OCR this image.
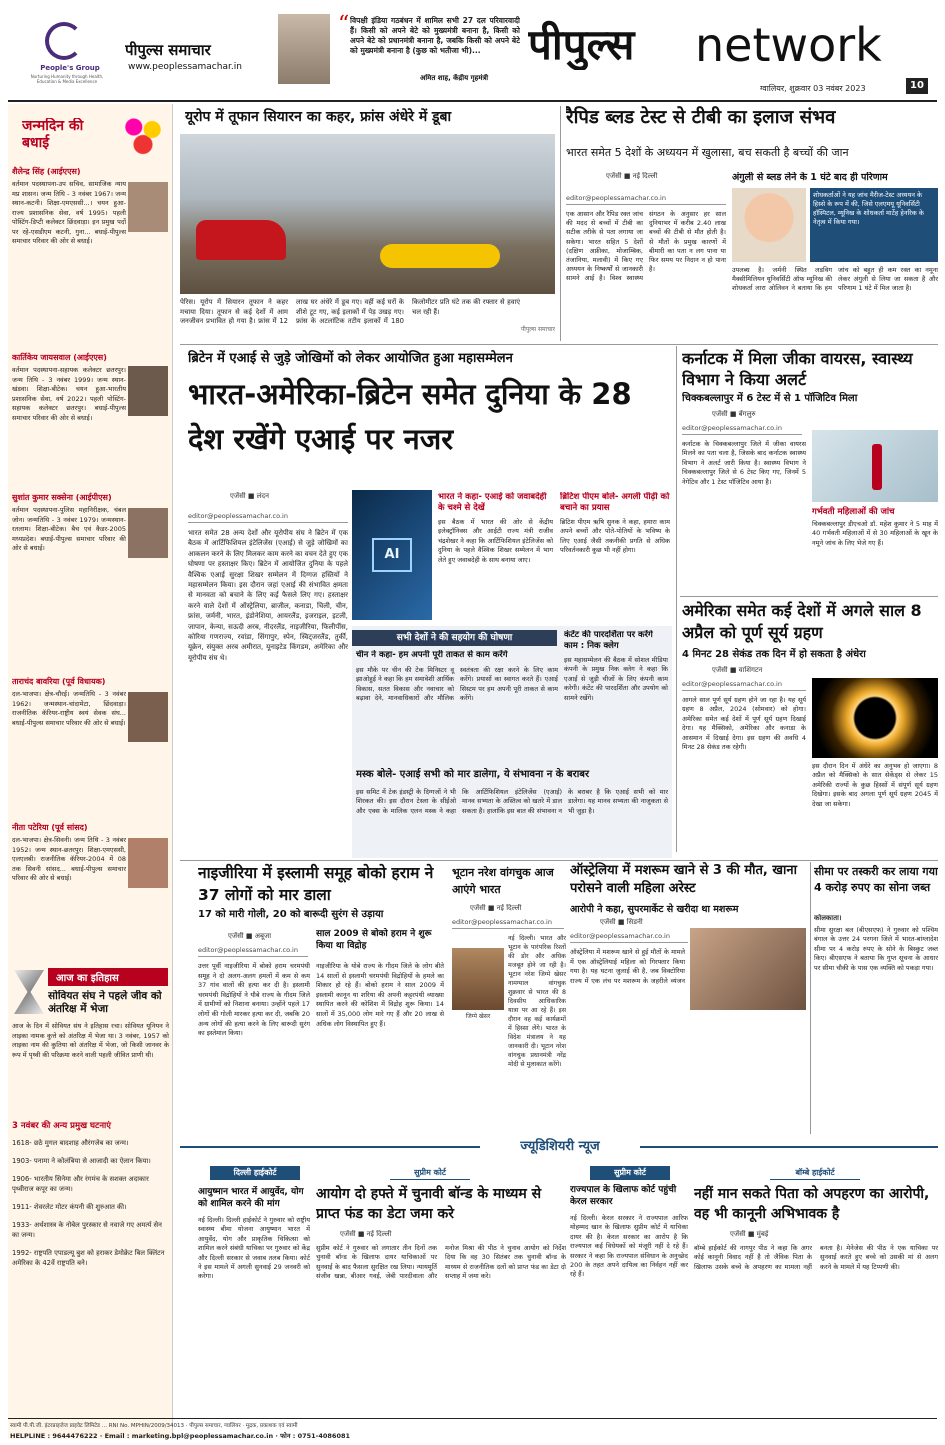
People's Group
Nurturing Humanity through Health, Education & Media Excellence
पीपुल्स समाचार
www.peoplessamachar.in
“ विपक्षी इंडिया गठबंधन में शामिल सभी 27 दल परिवारवादी हैं। किसी को अपने बेटे को मुख्यमंत्री बनाना है, किसी को अपने बेटे को प्रधानमंत्री बनाना है, जबकि किसी को अपने बेटे को मुख्यमंत्री बनाना है (कुछ को भतीजा भी)...
अमित शाह, केंद्रीय गृहमंत्री
पीपुल्स	network
ग्वालियर, शुक्रवार 03 नवंबर 2023	10
जन्मदिन की बधाई
शैलेन्द्र सिंह (आईएएस)
वर्तमान पदस्थापना-उप सचिव, सामाजिक न्याय मप्र शासन। जन्म तिथि - 3 नवंबर 1967। जन्म स्थान-कटनी। शिक्षा-एमएससी...। चयन हुआ-राज्य प्रशासनिक सेवा, वर्ष 1995। पहली पोस्टिंग-डिप्टी कलेक्टर छिंदवाड़ा। इन प्रमुख पदों पर रहे-एसडीएम कटनी, गुना... बधाई-पीपुल्स समाचार परिवार की ओर से बधाई।
कार्तिकेय जायसवाल (आईएएस)
वर्तमान पदस्थापना-सहायक कलेक्टर छतरपुर। जन्म तिथि - 3 नवंबर 1999। जन्म स्थान-खंडवा। शिक्षा-बीटेक। चयन हुआ-भारतीय प्रशासनिक सेवा, वर्ष 2022। पहली पोस्टिंग-सहायक कलेक्टर छतरपुर। बधाई-पीपुल्स समाचार परिवार की ओर से बधाई।
सुशांत कुमार सक्सेना (आईपीएस)
वर्तमान पदस्थापना-पुलिस महानिरीक्षक, चंबल जोन। जन्मतिथि - 3 नवंबर 1979। जन्मस्थान-रतलाम। शिक्षा-बीटेक। बैच एवं कैडर-2005 मध्यप्रदेश। बधाई-पीपुल्स समाचार परिवार की ओर से बधाई।
ताराचंद बावरिया (पूर्व विधायक)
दल-भाजपा। क्षेत्र-चौरई। जन्मतिथि - 3 नवंबर 1962। जन्मस्थान-चांदामेटा, छिंदवाड़ा। राजनीतिक कॅरियर-राष्ट्रीय स्वयं सेवक संघ... बधाई-पीपुल्स समाचार परिवार की ओर से बधाई।
नीता पटेरिया (पूर्व सांसद)
दल-भाजपा। क्षेत्र-सिवनी। जन्म तिथि - 3 नवंबर 1952। जन्म स्थान-छतरपुर। शिक्षा-एमएससी, एलएलबी। राजनीतिक कॅरियर-2004 में 08 तक सिवनी सांसद... बधाई-पीपुल्स समाचार परिवार की ओर से बधाई।
आज का इतिहास
सोवियत संघ ने पहले जीव को अंतरिक्ष में भेजा
आज के दिन में सोवियत संघ ने इतिहास रचा। सोवियत यूनियन ने लाइका नामक कुत्ते को अंतरिक्ष में भेजा था। 3 नवंबर, 1957 को लाइका नाम की कुतिया को अंतरिक्ष में भेजा, जो किसी जानवर के रूप में पृथ्वी की परिक्रमा करने वाली पहली जीवित प्राणी थी।
3 नवंबर की अन्य प्रमुख घटनाएं
1618- छठे मुगल बादशाह औरंगजेब का जन्म।
1903- पनामा ने कोलंबिया से आजादी का ऐलान किया।
1906- भारतीय सिनेमा और रंगमंच के सशक्त अदाकार पृथ्वीराज कपूर का जन्म।
1911- शेवरलेट मोटर कंपनी की शुरुआत की।
1933- अर्थशास्त्र के नोबेल पुरस्कार से नवाजे गए अमर्त्य सेन का जन्म।
1992- राष्ट्रपति एपाडल्यू बुश को हराकर डेमोक्रेट बिल क्लिंटन अमेरिका के 42वें राष्ट्रपति बने।
यूरोप में तूफान सियारन का कहर, फ्रांस अंधेरे में डूबा
पेरिस। यूरोप में सियारन तूफान ने कहर मचाया दिया। तूफान से कई देशों में आम जनजीवन प्रभावित हो गया है। फ्रांस में 12 लाख घर अंधेरे में डूब गए। वहीं कई घरों के शीशे टूट गए, कई इलाकों में पेड़ उखड़ गए। फ्रांस के अटलांटिक तटीय इलाकों में 180 किलोमीटर प्रति घंटे तक की रफ्तार से हवाएं चल रही हैं।
पीपुल्स समाचार
रैपिड ब्लड टेस्ट से टीबी का इलाज संभव
भारत समेत 5 देशों के अध्ययन में खुलासा, बच सकती है बच्चों की जान
एजेंसी ■ नई दिल्ली
editor@peoplessamachar.co.in
एक आसान और रैपिड रक्त जांच की मदद से बच्चों में टीबी का सटीक तरीके से पता लगाया जा सकेगा। भारत सहित 5 देशों (दक्षिण अफ्रीका, मोजाम्बिक, तंजानिया, मलावी) में किए गए अध्ययन के निष्कर्षों से जानकारी सामने आई है। विश्व स्वास्थ्य संगठन के अनुसार हर साल दुनियाभर में करीब 2.40 लाख बच्चों की टीबी से मौत होती है। से मौतों के प्रमुख कारणों में बीमारी का पता न लग पाना या फिर समय पर निदान न हो पाना है।
अंगुली से ब्लड लेने के 1 घंटे बाद ही परिणाम
शोधकर्ताओं ने यह जांच मैरीज-टेस्ट अध्ययन के हिस्से के रूप में की, जिसे एलएमयू यूनिवर्सिटी हॉस्पिटल, म्यूनिख के शोधकर्ता मार्टेह हेनरिक के नेतृत्व में किया गया।
उपलब्ध है। जर्मनी स्थित लडविग मैक्सीमिलियन यूनिवर्सिटी ऑफ म्यूनिख की शोधकर्ता लारा ओलिवन ने बताया कि हम जांच को बहुत ही कम रक्त का नमूना लेकर अंगुली से लिया जा सकता है और परिणाम 1 घंटे में मिल जाता है।
ब्रिटेन में एआई से जुड़े जोखिमों को लेकर आयोजित हुआ महासम्मेलन
भारत-अमेरिका-ब्रिटेन समेत दुनिया के 28 देश रखेंगे एआई पर नजर
एजेंसी ■ लंदन
editor@peoplessamachar.co.in
भारत समेत 28 अन्य देशों और यूरोपीय संघ ने ब्रिटेन में एक बैठक में आर्टिफिशियल इंटेलिजेंस (एआई) से जुड़े जोखिमों का आकलन करने के लिए मिलकर काम करने का वचन देते हुए एक घोषणा पर हस्ताक्षर किए। ब्रिटेन में आयोजित दुनिया के पहले वैश्विक एआई सुरक्षा शिखर सम्मेलन में दिग्गज हस्तियों ने महासम्मेलन किया। इस दौरान जहां एआई की संभावित क्षमता से मानवता को बचाने के लिए कई फैसले लिए गए। हस्ताक्षर करने वाले देशों में ऑस्ट्रेलिया, ब्राजील, कनाडा, चिली, चीन, फ्रांस, जर्मनी, भारत, इंडोनेशिया, आयरलैंड, इजराइल, इटली, जापान, केन्या, सऊदी अरब, नीदरलैंड, नाइजीरिया, फिलीपींस, कोरिया गणराज्य, रवांडा, सिंगापुर, स्पेन, स्विट्जरलैंड, तुर्की, यूक्रेन, संयुक्त अरब अमीरात, यूनाइटेड किंगडम, अमेरिका और यूरोपीय संघ थे।
AI
भारत ने कहा- एआई को जवाबदेही के चश्मे से देखें
इस बैठक में भारत की ओर से केंद्रीय इलेक्ट्रॉनिक्स और आईटी राज्य मंत्री राजीव चंद्रशेखर ने कहा कि आर्टिफिशियल इंटेलिजेंस को दुनिया के पहले वैश्विक शिखर सम्मेलन में भाग लेते हुए जवाबदेही के साथ बनाया जाए।
ब्रिटिश पीएम बोले- अगली पीढ़ी को बचाने का प्रयास
ब्रिटिश पीएम ऋषि सुनक ने कहा, हमारा काम अपने बच्चों और पोते-पोतियों के भविष्य के लिए एआई जैसी तकनीकी प्रगति से अधिक परिवर्तनकारी कुछ भी नहीं होगा।
सभी देशों ने की सहयोग की घोषणा
चीन ने कहा- हम अपनी पूरी ताकत से काम करेंगे
इस मौके पर चीन की टेक मिनिस्टर वू झाओहुई ने कहा कि हम समावेशी आर्थिक विकास, सतत विकास और नवाचार को बढ़ावा देने, मानवाधिकारों और मौलिक स्वतंत्रता की रक्षा करने के लिए काम करेंगे। प्रयासों का स्वागत करते हैं। एआई सिस्टम पर हम अपनी पूरी ताकत से काम करेंगे।
कंटेंट की पारदर्शिता पर करेंगे काम : निक क्लेग
इस महासम्मेलन की बैठक में सोशल मीडिया कंपनी के प्रमुख निक क्लेग ने कहा कि एआई से जुड़ी चीजों के लिए कंपनी काम करेगी। कंटेंट की पारदर्शिता और उपयोग को सामने रखेंगे।
मस्क बोले- एआई सभी को मार डालेगा, ये संभावना न के बराबर
इस समिट में टेक इंडस्ट्री के दिग्गजों ने भी शिरकत की। इस दौरान टेस्ला के सीईओ और एक्स के मालिक एलन मस्क ने कहा कि आर्टिफिशियल इंटेलिजेंस (एआई) मानव सभ्यता के अस्तित्व को खतरे में डाल सकता है। हालांकि इस बात की संभावना न के बराबर है कि एआई सभी को मार डालेगा। यह मानव सभ्यता की नाजुकता से भी जुड़ा है।
कर्नाटक में मिला जीका वायरस, स्वास्थ्य विभाग ने किया अलर्ट
चिक्कबल्लापुर में 6 टेस्ट में से 1 पॉजिटिव मिला
एजेंसी ■ बेंगलुरु
editor@peoplessamachar.co.in
कर्नाटक के चिक्कबल्लापुर जिले में जीका वायरस मिलने का पता चला है, जिसके बाद कर्नाटक स्वास्थ्य विभाग ने अलर्ट जारी किया है। स्वास्थ्य विभाग ने चिक्कबल्लापुर जिले से 6 टेस्ट किए गए, जिनमें 5 नेगेटिव और 1 टेस्ट पॉजिटिव आया है।
गर्भवती महिलाओं की जांच
चिक्कबल्लापुर डीएचओ डॉ. महेश कुमार ने 5 माह में 40 गर्भवती महिलाओं में से 30 महिलाओं के खून के नमूने जांच के लिए भेजे गए हैं।
अमेरिका समेत कई देशों में अगले साल 8 अप्रैल को पूर्ण सूर्य ग्रहण
4 मिनट 28 सेकंड तक दिन में हो सकता है अंधेरा
एजेंसी ■ वाशिंगटन
editor@peoplessamachar.co.in
आगले साल पूर्ण सूर्य ग्रहण होने जा रहा है। यह सूर्य ग्रहण 8 अप्रैल, 2024 (सोमवार) को होगा। अमेरिका समेत कई देशों में पूर्ण सूर्य ग्रहण दिखाई देगा। यह मैक्सिको, अमेरिका और कनाडा के आसमान में दिखाई देगा। इस ग्रहण की अवधि 4 मिनट 28 सेकंड तक रहेगी।
इस दौरान दिन में अंधेरे का अनुभव हो जाएगा। 8 अप्रैल को मैक्सिको के सात सेकेंड्स से लेकर 15 अमेरिकी राज्यों के कुछ हिस्सों में संपूर्ण सूर्य ग्रहण दिखेगा। इसके बाद अगला पूर्ण सूर्य ग्रहण 2045 में देखा जा सकेगा।
नाइजीरिया में इस्लामी समूह बोको हराम ने 37 लोगों को मार डाला
17 को मारी गोली, 20 को बारूदी सुरंग से उड़ाया
एजेंसी ■ अबूजा
editor@peoplessamachar.co.in
उत्तर पूर्वी नाइजीरिया में बोको हराम चरमपंथी समूह ने दो अलग-अलग हमलों में कम से कम 37 गांव वालों की हत्या कर दी है। इस्लामी चरमपंथी विद्रोहियों ने यौबे राज्य के गीदम जिले में ग्रामीणों को निशाना बनाया। उन्होंने पहले 17 लोगों की गोली मारकर हत्या कर दी, जबकि 20 अन्य लोगों की हत्या करने के लिए बारूदी सुरंग का इस्तेमाल किया।
साल 2009 से बोको हराम ने शुरू किया था विद्रोह
नाइजीरिया के योबे राज्य के गीदम जिले के लोग बीते 14 सालों से इस्लामी चरमपंथी विद्रोहियों के हमले का शिकार हो रहे हैं। बोको हराम ने साल 2009 में इस्लामी कानून या शरिया की अपनी कट्टरपंथी व्याख्या स्थापित करने की कोशिश में विद्रोह शुरू किया। 14 सालों में 35,000 लोग मारे गए हैं और 20 लाख से अधिक लोग विस्थापित हुए हैं।
भूटान नरेश वांगचुक आज आएंगे भारत
एजेंसी ■ नई दिल्ली
editor@peoplessamachar.co.in
जिग्मे खेसर
नई दिल्ली। भारत और भूटान के पारंपरिक रिश्तों की डोर और अधिक मजबूत होने जा रही है। भूटान नरेश जिग्मे खेसर नामग्याल वांगचुक शुक्रवार से भारत की 8 दिवसीय आधिकारिक यात्रा पर आ रहे हैं। इस दौरान वह कई कार्यक्रमों में हिस्सा लेंगे। भारत के विदेश मंत्रालय ने यह जानकारी दी। भूटान नरेश वांगचुक प्रधानमंत्री नरेंद्र मोदी से मुलाकात करेंगे।
ऑस्ट्रेलिया में मशरूम खाने से 3 की मौत, खाना परोसने वाली महिला अरेस्ट
आरोपी ने कहा, सुपरमार्केट से खरीदा था मशरूम
एजेंसी ■ सिडनी
editor@peoplessamachar.co.in
ऑस्ट्रेलिया में मशरूम खाने से हुई मौतों के मामले में एक ऑस्ट्रेलियाई महिला को गिरफ्तार किया गया है। यह घटना जुलाई की है, जब विक्टोरिया राज्य में एक लंच पर मशरूम के जहरीले व्यंजन
सीमा पर तस्करी कर लाया गया 4 करोड़ रुपए का सोना जब्त
कोलकाता।
सीमा सुरक्षा बल (बीएसएफ) ने गुरुवार को पश्चिम बंगाल के उत्तर 24 परगना जिले में भारत-बांग्लादेश सीमा पर 4 करोड़ रुपए के सोने के बिस्कुट जब्त किए। बीएसएफ ने बताया कि गुप्त सूचना के आधार पर सीमा चौकी के पास एक व्यक्ति को पकड़ा गया।
ज्यूडिशियरी न्यूज
दिल्ली हाईकोर्ट
आयुष्मान भारत में आयुर्वेद, योग को शामिल करने की मांग
नई दिल्ली। दिल्ली हाईकोर्ट ने गुरुवार को राष्ट्रीय स्वास्थ्य बीमा योजना आयुष्मान भारत में आयुर्वेद, योग और प्राकृतिक चिकित्सा को शामिल करने संबंधी याचिका पर गुरुवार को केंद्र और दिल्ली सरकार से जवाब तलब किया। कोर्ट ने इस मामले में अगली सुनवाई 29 जनवरी को करेगा।
सुप्रीम कोर्ट
आयोग दो हफ्ते में चुनावी बॉन्ड के माध्यम से प्राप्त फंड का डेटा जमा करे
एजेंसी ■ नई दिल्ली
सुप्रीम कोर्ट ने गुरुवार को लगातार तीन दिनों तक चुनावी बॉन्ड के खिलाफ दायर याचिकाओं पर सुनवाई के बाद फैसला सुरक्षित रख लिया। न्यायमूर्ति संजीव खन्ना, बीआर गवई, जेबी पारदीवाला और मनोज मिश्रा की पीठ ने चुनाव आयोग को निर्देश दिया कि वह 30 सितंबर तक चुनावी बॉन्ड के माध्यम से राजनीतिक दलों को प्राप्त फंड का डेटा दो सप्ताह में जमा करे।
सुप्रीम कोर्ट
राज्यपाल के खिलाफ कोर्ट पहुंची केरल सरकार
नई दिल्ली। केरल सरकार ने राज्यपाल आरिफ मोहम्मद खान के खिलाफ सुप्रीम कोर्ट में याचिका दायर की है। केरल सरकार का आरोप है कि राज्यपाल कई विधेयकों को मंजूरी नहीं दे रहे हैं। सरकार ने कहा कि राज्यपाल संविधान के अनुच्छेद 200 के तहत अपने दायित्व का निर्वहन नहीं कर रहे हैं।
बॉम्बे हाईकोर्ट
नहीं मान सकते पिता को अपहरण का आरोपी, वह भी कानूनी अभिभावक है
एजेंसी ■ मुंबई
बॉम्बे हाईकोर्ट की नागपुर पीठ ने कहा कि अगर कोई कानूनी विवाद नहीं है तो जैविक पिता के खिलाफ उसके बच्चे के अपहरण का मामला नहीं बनता है। मेनेजेस की पीठ ने एक याचिका पर सुनवाई करते हुए बच्चे को उसकी मां से अलग करने के मामले में यह टिप्पणी की।
स्वामी पी.पी.जी. इंटरप्राइजेज प्राइवेट लिमिटेड ... RNI No. MPHIN/2009/34013 · पीपुल्स समाचार, ग्वालियर · मुद्रक, प्रकाशक एवं स्वामी
HELPLINE : 9644476222 · Email : marketing.bpl@peoplessamachar.co.in · फोन : 0751-4086081
